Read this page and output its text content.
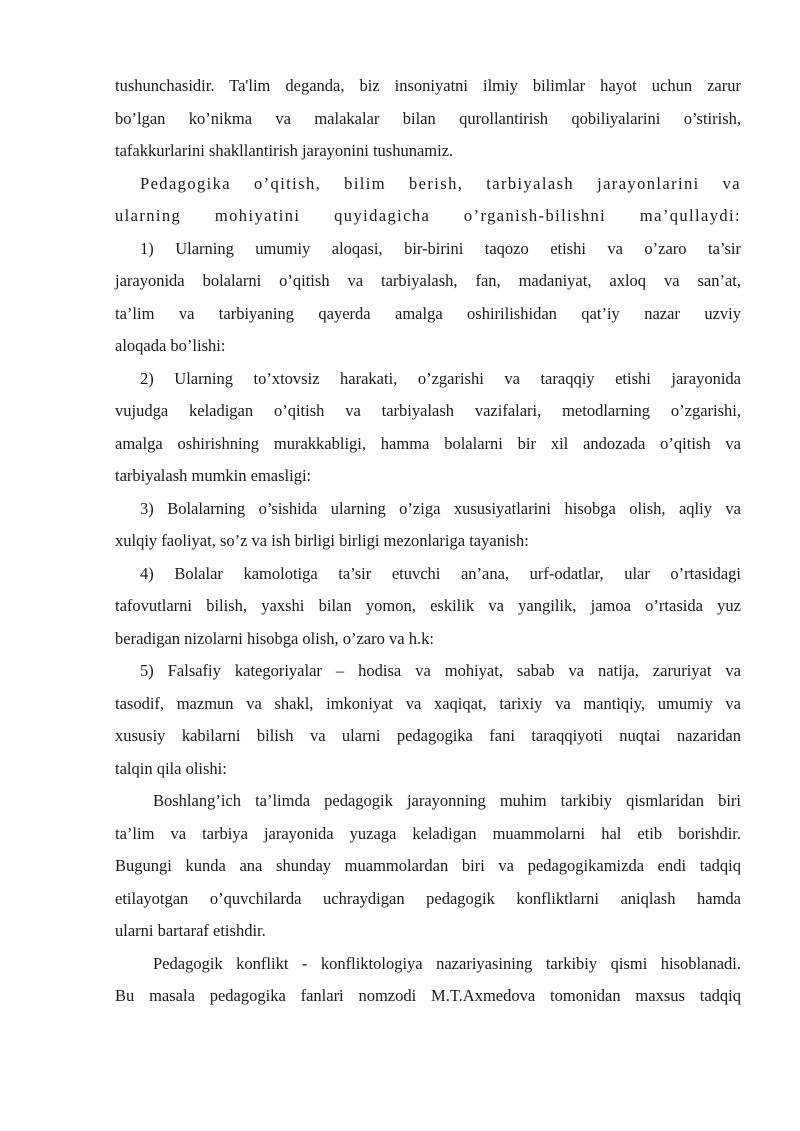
tushunchasidir. Ta'lim deganda, biz insoniyatni ilmiy bilimlar hayot uchun zarur
bo’lgan ko’nikma va malakalar bilan qurollantirish qobiliyalarini o’stirish,
tafakkurlarini shakllantirish jarayonini tushunamiz.
Pedagogika o’qitish, bilim berish, tarbiyalash jarayonlarini va
ularning mohiyatini quyidagicha o’rganish-bilishni ma’qullaydi:
1) Ularning umumiy aloqasi, bir-birini taqozo etishi va o’zaro ta’sir
jarayonida bolalarni o’qitish va tarbiyalash, fan, madaniyat, axloq va san’at,
ta’lim va tarbiyaning qayerda amalga oshirilishidan qat’iy nazar uzviy
aloqada bo’lishi:
2) Ularning to’xtovsiz harakati, o’zgarishi va taraqqiy etishi jarayonida
vujudga keladigan o’qitish va tarbiyalash vazifalari, metodlarning o’zgarishi,
amalga oshirishning murakkabligi, hamma bolalarni bir xil andozada o’qitish va
tarbiyalash mumkin emasligi:
3) Bolalarning o’sishida ularning o’ziga xususiyatlarini hisobga olish, aqliy va
xulqiy faoliyat, so’z va ish birligi birligi mezonlariga tayanish:
4) Bolalar kamolotiga ta’sir etuvchi an’ana, urf-odatlar, ular o’rtasidagi
tafovutlarni bilish, yaxshi bilan yomon, eskilik va yangilik, jamoa o’rtasida yuz
beradigan nizolarni hisobga olish, o’zaro va h.k:
5) Falsafiy kategoriyalar – hodisa va mohiyat, sabab va natija, zaruriyat va
tasodif, mazmun va shakl, imkoniyat va xaqiqat, tarixiy va mantiqiy, umumiy va
xususiy kabilarni bilish va ularni pedagogika fani taraqqiyoti nuqtai nazaridan
talqin qila olishi:
Boshlang’ich ta’limda pedagogik jarayonning muhim tarkibiy qismlaridan biri
ta’lim va tarbiya jarayonida yuzaga keladigan muammolarni hal etib borishdir.
Bugungi kunda ana shunday muammolardan biri va pedagogikamizda endi tadqiq
etilayotgan o’quvchilarda uchraydigan pedagogik konfliktlarni aniqlash hamda
ularni bartaraf etishdir.
Pedagogik konflikt - konfliktologiya nazariyasining tarkibiy qismi hisoblanadi.
Bu masala pedagogika fanlari nomzodi M.T.Axmedova tomonidan maxsus tadqiq
